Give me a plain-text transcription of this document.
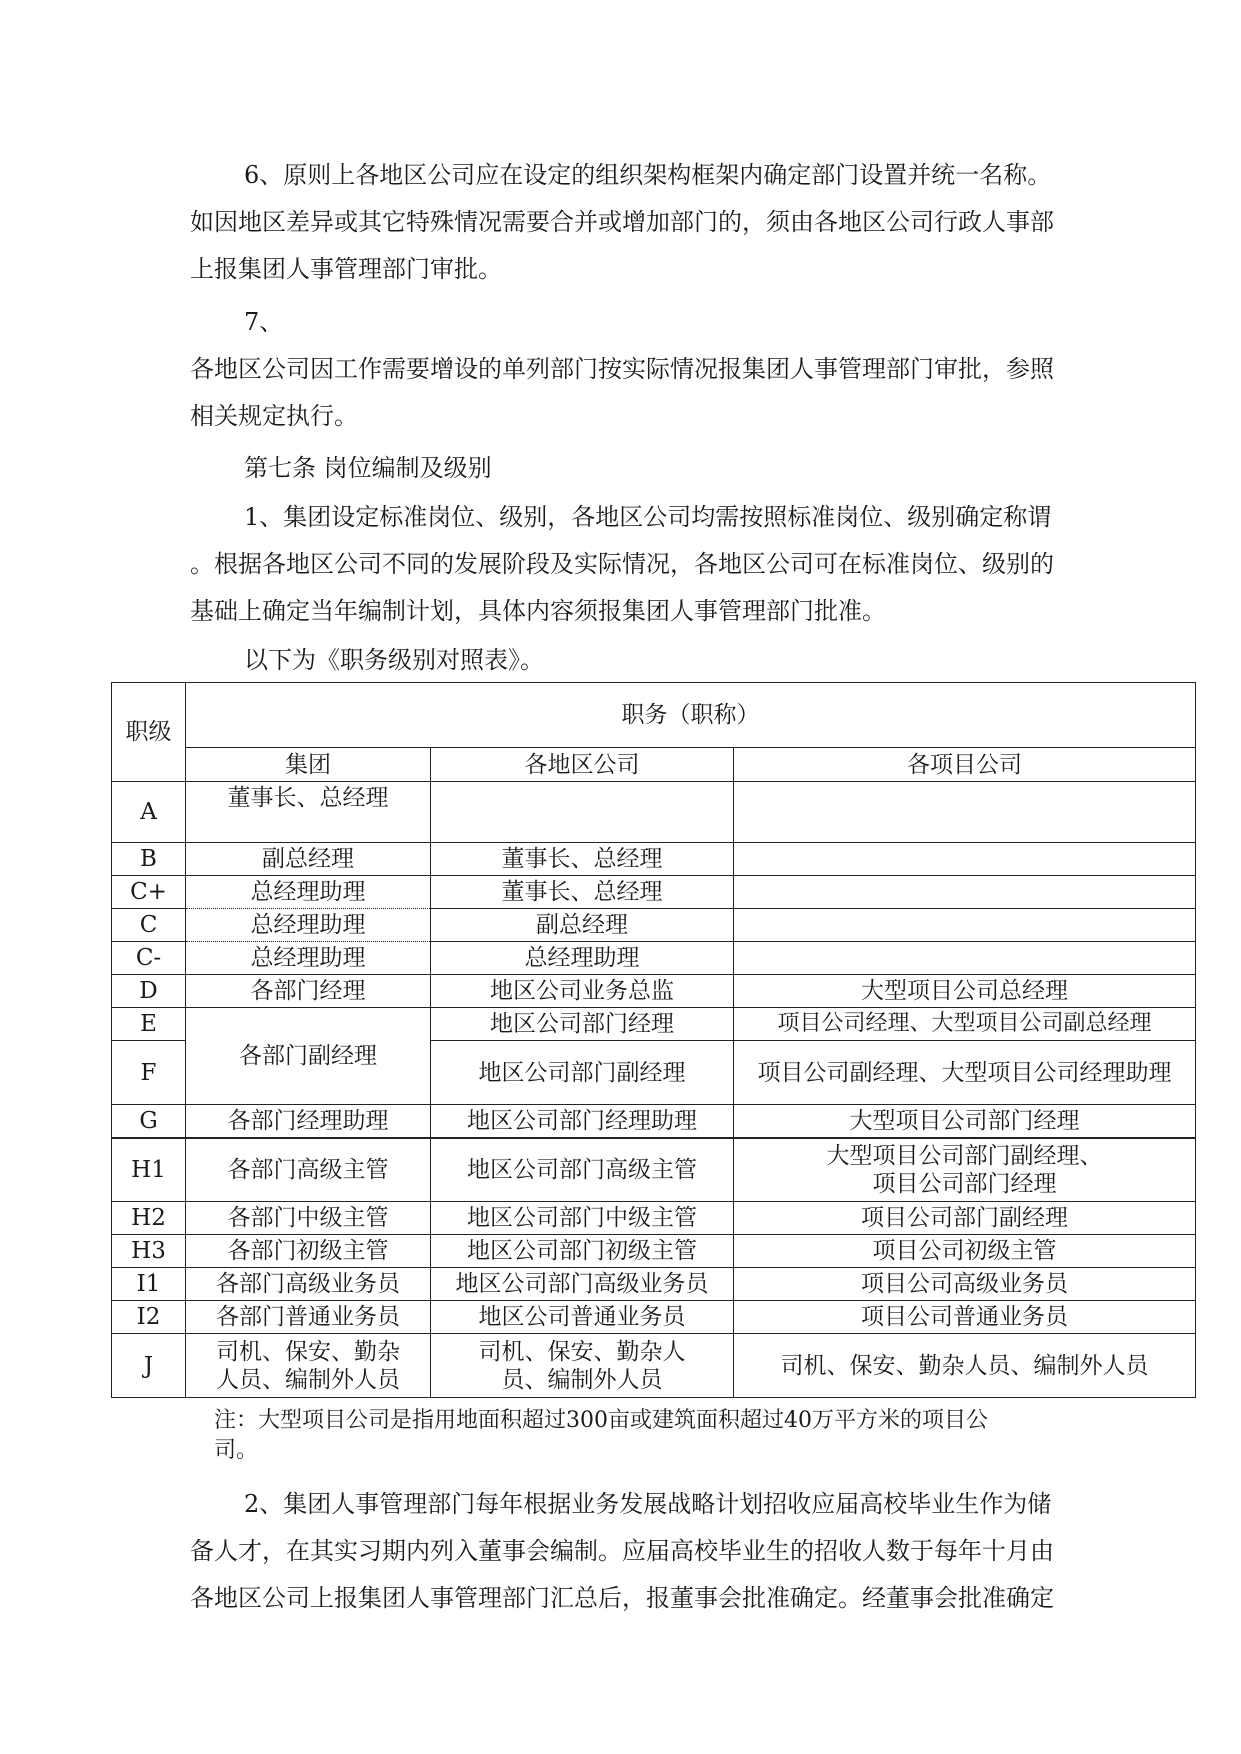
6、原则上各地区公司应在设定的组织架构框架内确定部门设置并统一名称。
如因地区差异或其它特殊情况需要合并或增加部门的，须由各地区公司行政人事部
上报集团人事管理部门审批。
7、
各地区公司因工作需要增设的单列部门按实际情况报集团人事管理部门审批，参照
相关规定执行。
第七条 岗位编制及级别
1、集团设定标准岗位、级别，各地区公司均需按照标准岗位、级别确定称谓
。根据各地区公司不同的发展阶段及实际情况，各地区公司可在标准岗位、级别的
基础上确定当年编制计划，具体内容须报集团人事管理部门批准。
以下为《职务级别对照表》。
职级	职务（职称）		
	集团	各地区公司	各项目公司
A	董事长、总经理		
B	副总经理	董事长、总经理	
C+	总经理助理	董事长、总经理	
C	总经理助理	副总经理	
C-	总经理助理	总经理助理	
D	各部门经理	地区公司业务总监	大型项目公司总经理
E	各部门副经理	地区公司部门经理	项目公司经理、大型项目公司副总经理
F		地区公司部门副经理	项目公司副经理、大型项目公司经理助理
G	各部门经理助理	地区公司部门经理助理	大型项目公司部门经理
H1	各部门高级主管	地区公司部门高级主管	大型项目公司部门副经理、项目公司部门经理
H2	各部门中级主管	地区公司部门中级主管	项目公司部门副经理
H3	各部门初级主管	地区公司部门初级主管	项目公司初级主管
I1	各部门高级业务员	地区公司部门高级业务员	项目公司高级业务员
I2	各部门普通业务员	地区公司普通业务员	项目公司普通业务员
J	司机、保安、勤杂人员、编制外人员	司机、保安、勤杂人员、编制外人员	司机、保安、勤杂人员、编制外人员
注：大型项目公司是指用地面积超过300亩或建筑面积超过40万平方米的项目公
司。
2、集团人事管理部门每年根据业务发展战略计划招收应届高校毕业生作为储
备人才，在其实习期内列入董事会编制。应届高校毕业生的招收人数于每年十月由
各地区公司上报集团人事管理部门汇总后，报董事会批准确定。经董事会批准确定
